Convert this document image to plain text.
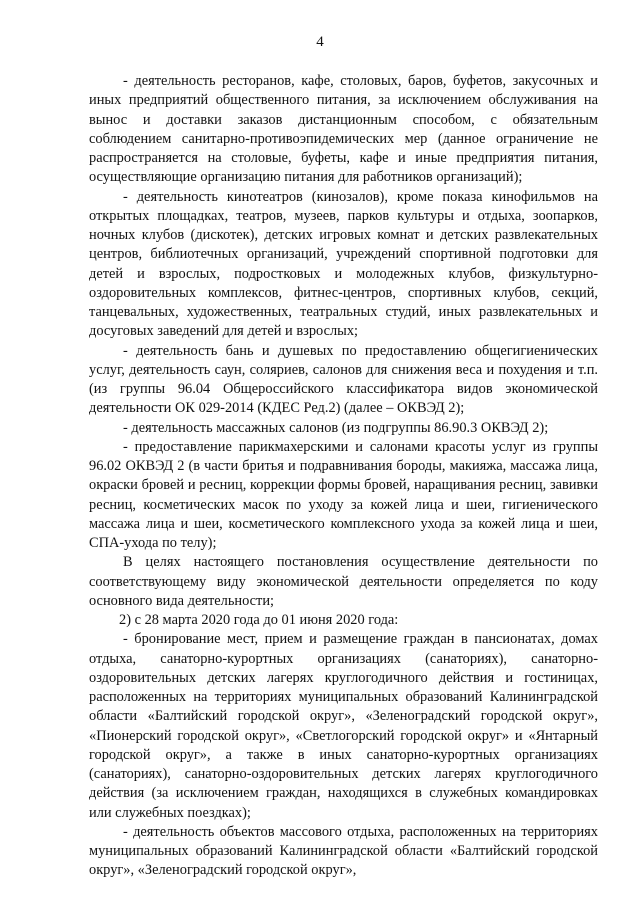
4

- деятельность ресторанов, кафе, столовых, баров, буфетов, закусочных и иных предприятий общественного питания, за исключением обслуживания на вынос и доставки заказов дистанционным способом, с обязательным соблюдением санитарно-противоэпидемических мер (данное ограничение не распространяется на столовые, буфеты, кафе и иные предприятия питания, осуществляющие организацию питания для работников организаций);

- деятельность кинотеатров (кинозалов), кроме показа кинофильмов на открытых площадках, театров, музеев, парков культуры и отдыха, зоопарков, ночных клубов (дискотек), детских игровых комнат и детских развлекательных центров, библиотечных организаций, учреждений спортивной подготовки для детей и взрослых, подростковых и молодежных клубов, физкультурно-оздоровительных комплексов, фитнес-центров, спортивных клубов, секций, танцевальных, художественных, театральных студий, иных развлекательных и досуговых заведений для детей и взрослых;

- деятельность бань и душевых по предоставлению общегигиенических услуг, деятельность саун, соляриев, салонов для снижения веса и похудения и т.п. (из группы 96.04 Общероссийского классификатора видов экономической деятельности ОК 029-2014 (КДЕС Ред.2) (далее – ОКВЭД 2);

- деятельность массажных салонов (из подгруппы 86.90.3 ОКВЭД 2);

- предоставление парикмахерскими и салонами красоты услуг из группы 96.02 ОКВЭД 2 (в части бритья и подравнивания бороды, макияжа, массажа лица, окраски бровей и ресниц, коррекции формы бровей, наращивания ресниц, завивки ресниц, косметических масок по уходу за кожей лица и шеи, гигиенического массажа лица и шеи, косметического комплексного ухода за кожей лица и шеи, СПА-ухода по телу);

В целях настоящего постановления осуществление деятельности по соответствующему виду экономической деятельности определяется по коду основного вида деятельности;

2) с 28 марта 2020 года до 01 июня 2020 года:

- бронирование мест, прием и размещение граждан в пансионатах, домах отдыха, санаторно-курортных организациях (санаториях), санаторно-оздоровительных детских лагерях круглогодичного действия и гостиницах, расположенных на территориях муниципальных образований Калининградской области «Балтийский городской округ», «Зеленоградский городской округ», «Пионерский городской округ», «Светлогорский городской округ» и «Янтарный городской округ», а также в иных санаторно-курортных организациях (санаториях), санаторно-оздоровительных детских лагерях круглогодичного действия (за исключением граждан, находящихся в служебных командировках или служебных поездках);

- деятельность объектов массового отдыха, расположенных на территориях муниципальных образований Калининградской области «Балтийский городской округ», «Зеленоградский городской округ»,
